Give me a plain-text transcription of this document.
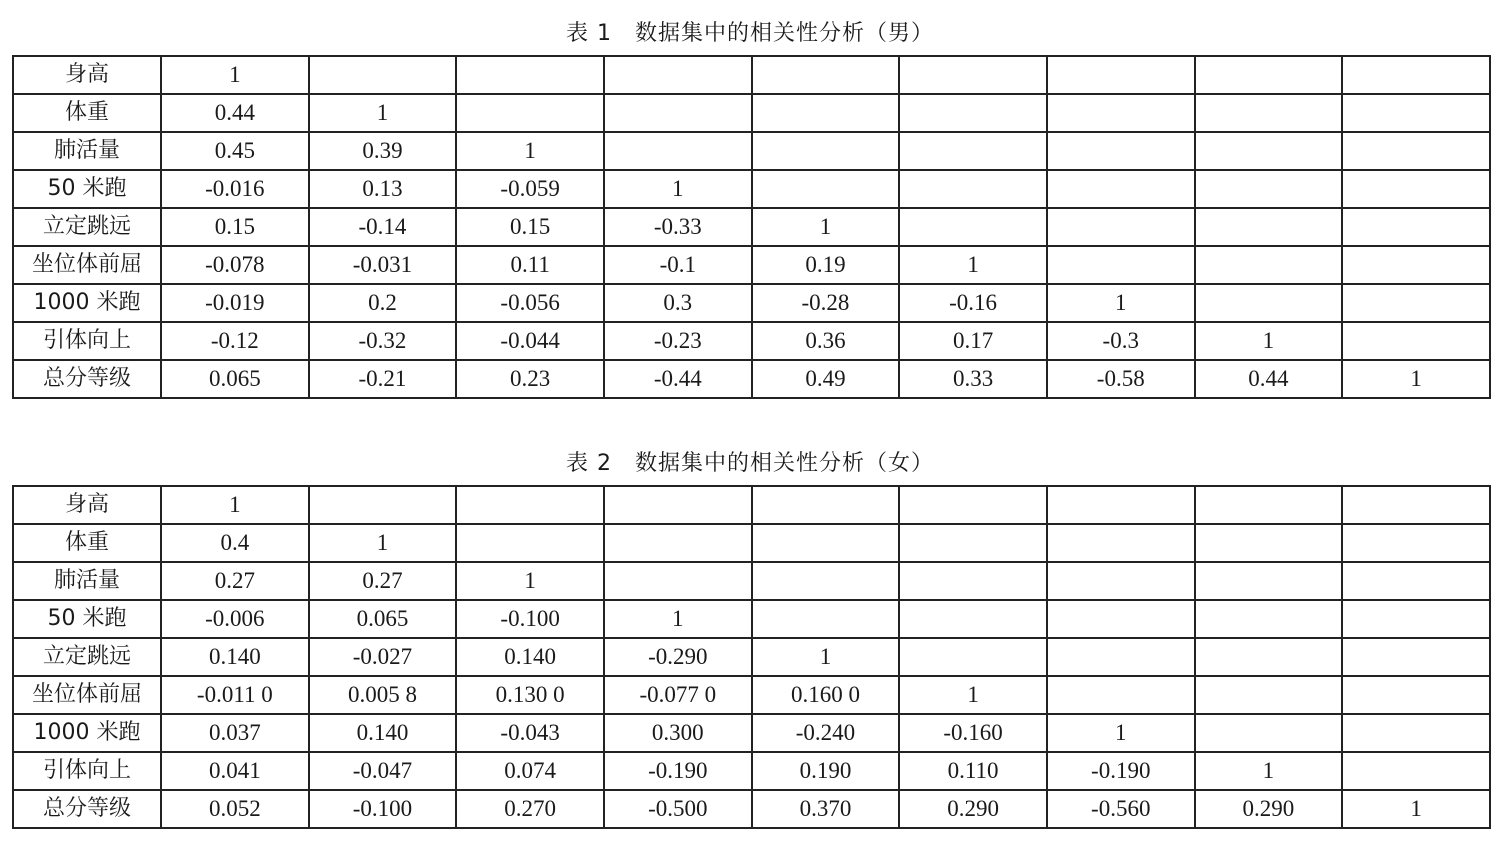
表 1　数据集中的相关性分析（男）
身高	1								
体重	0.44	1							
肺活量	0.45	0.39	1						
50 米跑	-0.016	0.13	-0.059	1					
立定跳远	0.15	-0.14	0.15	-0.33	1				
坐位体前屈	-0.078	-0.031	0.11	-0.1	0.19	1			
1000 米跑	-0.019	0.2	-0.056	0.3	-0.28	-0.16	1		
引体向上	-0.12	-0.32	-0.044	-0.23	0.36	0.17	-0.3	1	
总分等级	0.065	-0.21	0.23	-0.44	0.49	0.33	-0.58	0.44	1
表 2　数据集中的相关性分析（女）
身高	1								
体重	0.4	1							
肺活量	0.27	0.27	1						
50 米跑	-0.006	0.065	-0.100	1					
立定跳远	0.140	-0.027	0.140	-0.290	1				
坐位体前屈	-0.011 0	0.005 8	0.130 0	-0.077 0	0.160 0	1			
1000 米跑	0.037	0.140	-0.043	0.300	-0.240	-0.160	1		
引体向上	0.041	-0.047	0.074	-0.190	0.190	0.110	-0.190	1	
总分等级	0.052	-0.100	0.270	-0.500	0.370	0.290	-0.560	0.290	1
